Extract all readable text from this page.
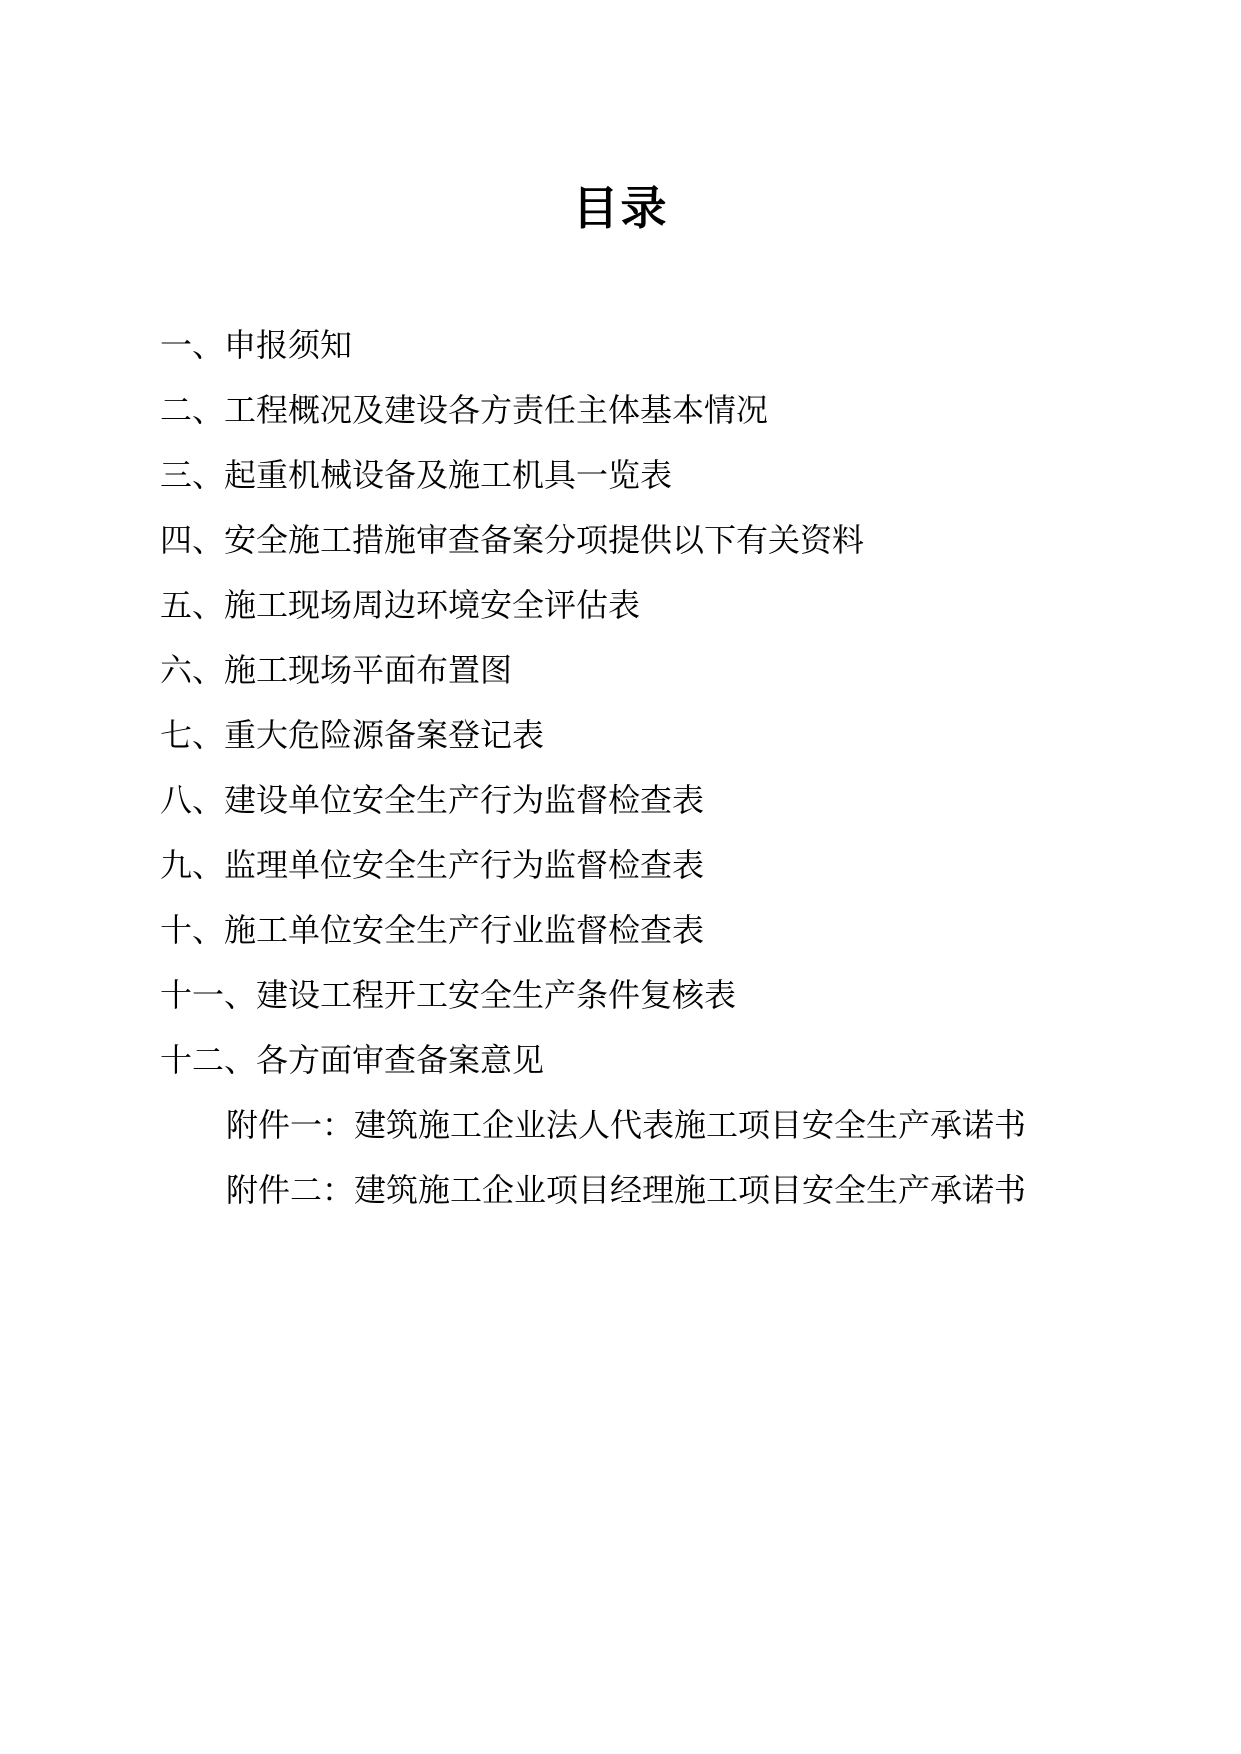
目录
一、申报须知
二、工程概况及建设各方责任主体基本情况
三、起重机械设备及施工机具一览表
四、安全施工措施审查备案分项提供以下有关资料
五、施工现场周边环境安全评估表
六、施工现场平面布置图
七、重大危险源备案登记表
八、建设单位安全生产行为监督检查表
九、监理单位安全生产行为监督检查表
十、施工单位安全生产行业监督检查表
十一、建设工程开工安全生产条件复核表
十二、各方面审查备案意见
附件一：建筑施工企业法人代表施工项目安全生产承诺书
附件二：建筑施工企业项目经理施工项目安全生产承诺书
